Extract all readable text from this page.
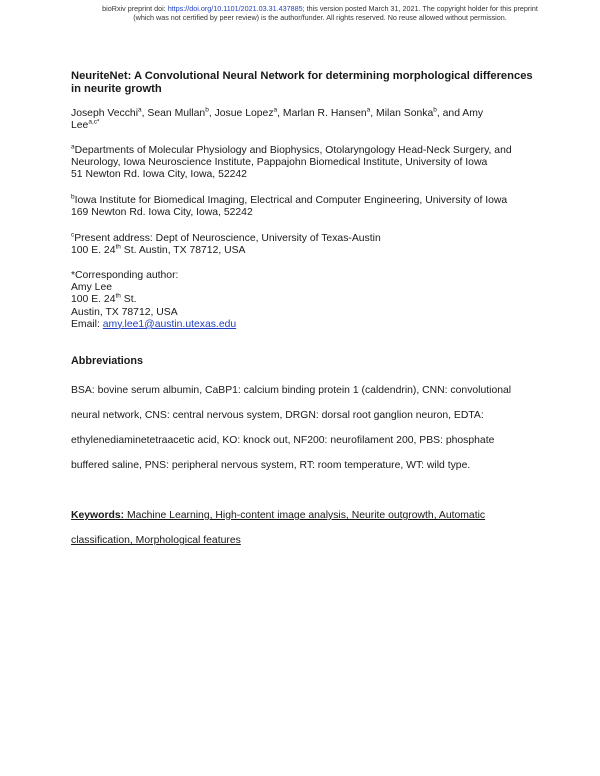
bioRxiv preprint doi: https://doi.org/10.1101/2021.03.31.437885; this version posted March 31, 2021. The copyright holder for this preprint
(which was not certified by peer review) is the author/funder. All rights reserved. No reuse allowed without permission.
NeuriteNet: A Convolutional Neural Network for determining morphological differences in neurite growth
Joseph Vecchi$^a$, Sean Mullan$^b$, Josue Lopez$^a$, Marlan R. Hansen$^a$, Milan Sonka$^b$, and Amy
Lee$^{a,c*}$
$^a$Departments of Molecular Physiology and Biophysics, Otolaryngology Head-Neck Surgery, and
Neurology, Iowa Neuroscience Institute, Pappajohn Biomedical Institute, University of Iowa
51 Newton Rd. Iowa City, Iowa, 52242
$^b$Iowa Institute for Biomedical Imaging, Electrical and Computer Engineering, University of Iowa
169 Newton Rd. Iowa City, Iowa, 52242
$^c$Present address: Dept of Neuroscience, University of Texas-Austin
100 E. 24th St. Austin, TX 78712, USA
*Corresponding author:
Amy Lee
100 E. 24th St.
Austin, TX 78712, USA
Email: amy.lee1@austin.utexas.edu
Abbreviations
BSA: bovine serum albumin, CaBP1: calcium binding protein 1 (caldendrin), CNN: convolutional
neural network, CNS: central nervous system, DRGN: dorsal root ganglion neuron, EDTA:
ethylenediaminetetraacetic acid, KO: knock out, NF200: neurofilament 200, PBS: phosphate
buffered saline, PNS: peripheral nervous system, RT: room temperature, WT: wild type.
Keywords: Machine Learning, High-content image analysis, Neurite outgrowth, Automatic
classification, Morphological features
